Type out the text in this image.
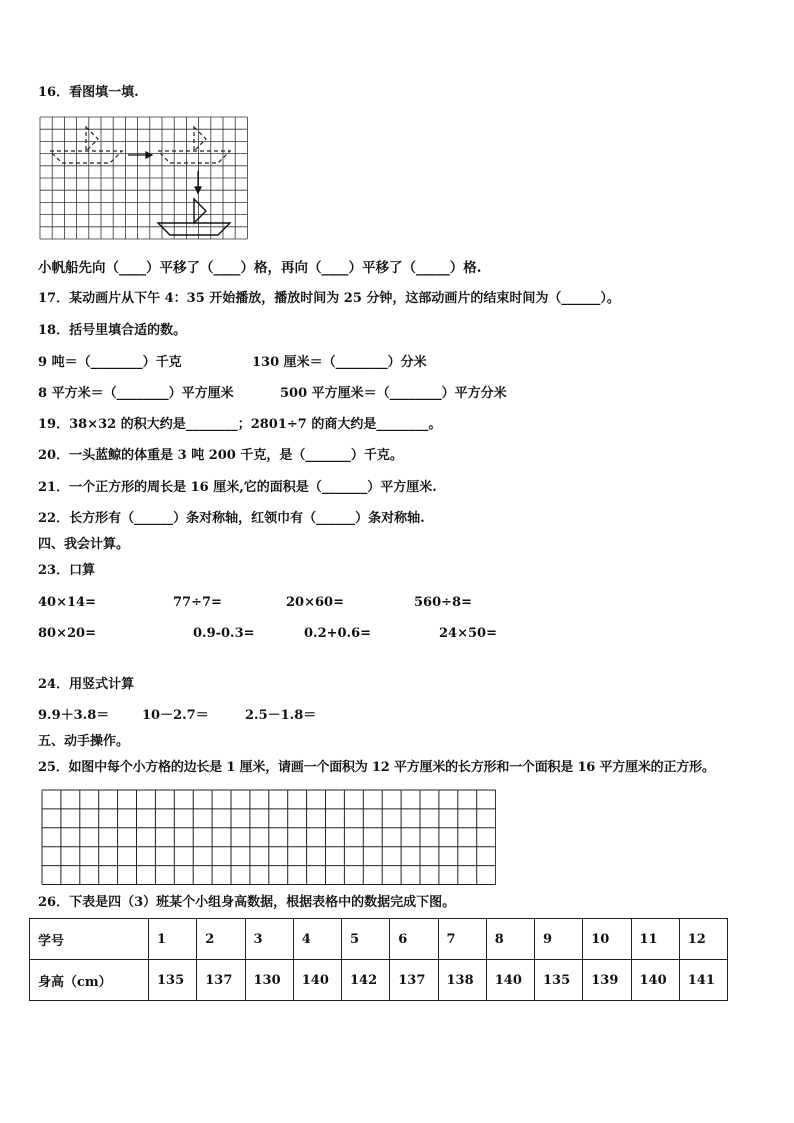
16．看图填一填.
小帆船先向（____）平移了（____）格，再向（____）平移了（_____）格.
17．某动画片从下午 4：35 开始播放，播放时间为 25 分钟，这部动画片的结束时间为（______）。
18．括号里填合适的数。
9 吨＝（________）千克	130 厘米＝（________）分米
8 平方米＝（________）平方厘米	500 平方厘米＝（________）平方分米
19．38×32 的积大约是________；2801÷7 的商大约是________。
20．一头蓝鲸的体重是 3 吨 200 千克，是（_______）千克。
21．一个正方形的周长是 16 厘米,它的面积是（_______）平方厘米.
22．长方形有（______）条对称轴，红领巾有（______）条对称轴.
四、我会计算。
23．口算
40×14=	77÷7=	20×60=	560÷8=
80×20=	0.9-0.3=	0.2+0.6=	24×50=
24．用竖式计算
9.9＋3.8＝	10－2.7＝	2.5－1.8＝
五、动手操作。
25．如图中每个小方格的边长是 1 厘米，请画一个面积为 12 平方厘米的长方形和一个面积是 16 平方厘米的正方形。
26．下表是四（3）班某个小组身高数据，根据表格中的数据完成下图。
学号	1	2	3	4	5	6	7	8	9	10	11	12
身高（cm）	135	137	130	140	142	137	138	140	135	139	140	141
